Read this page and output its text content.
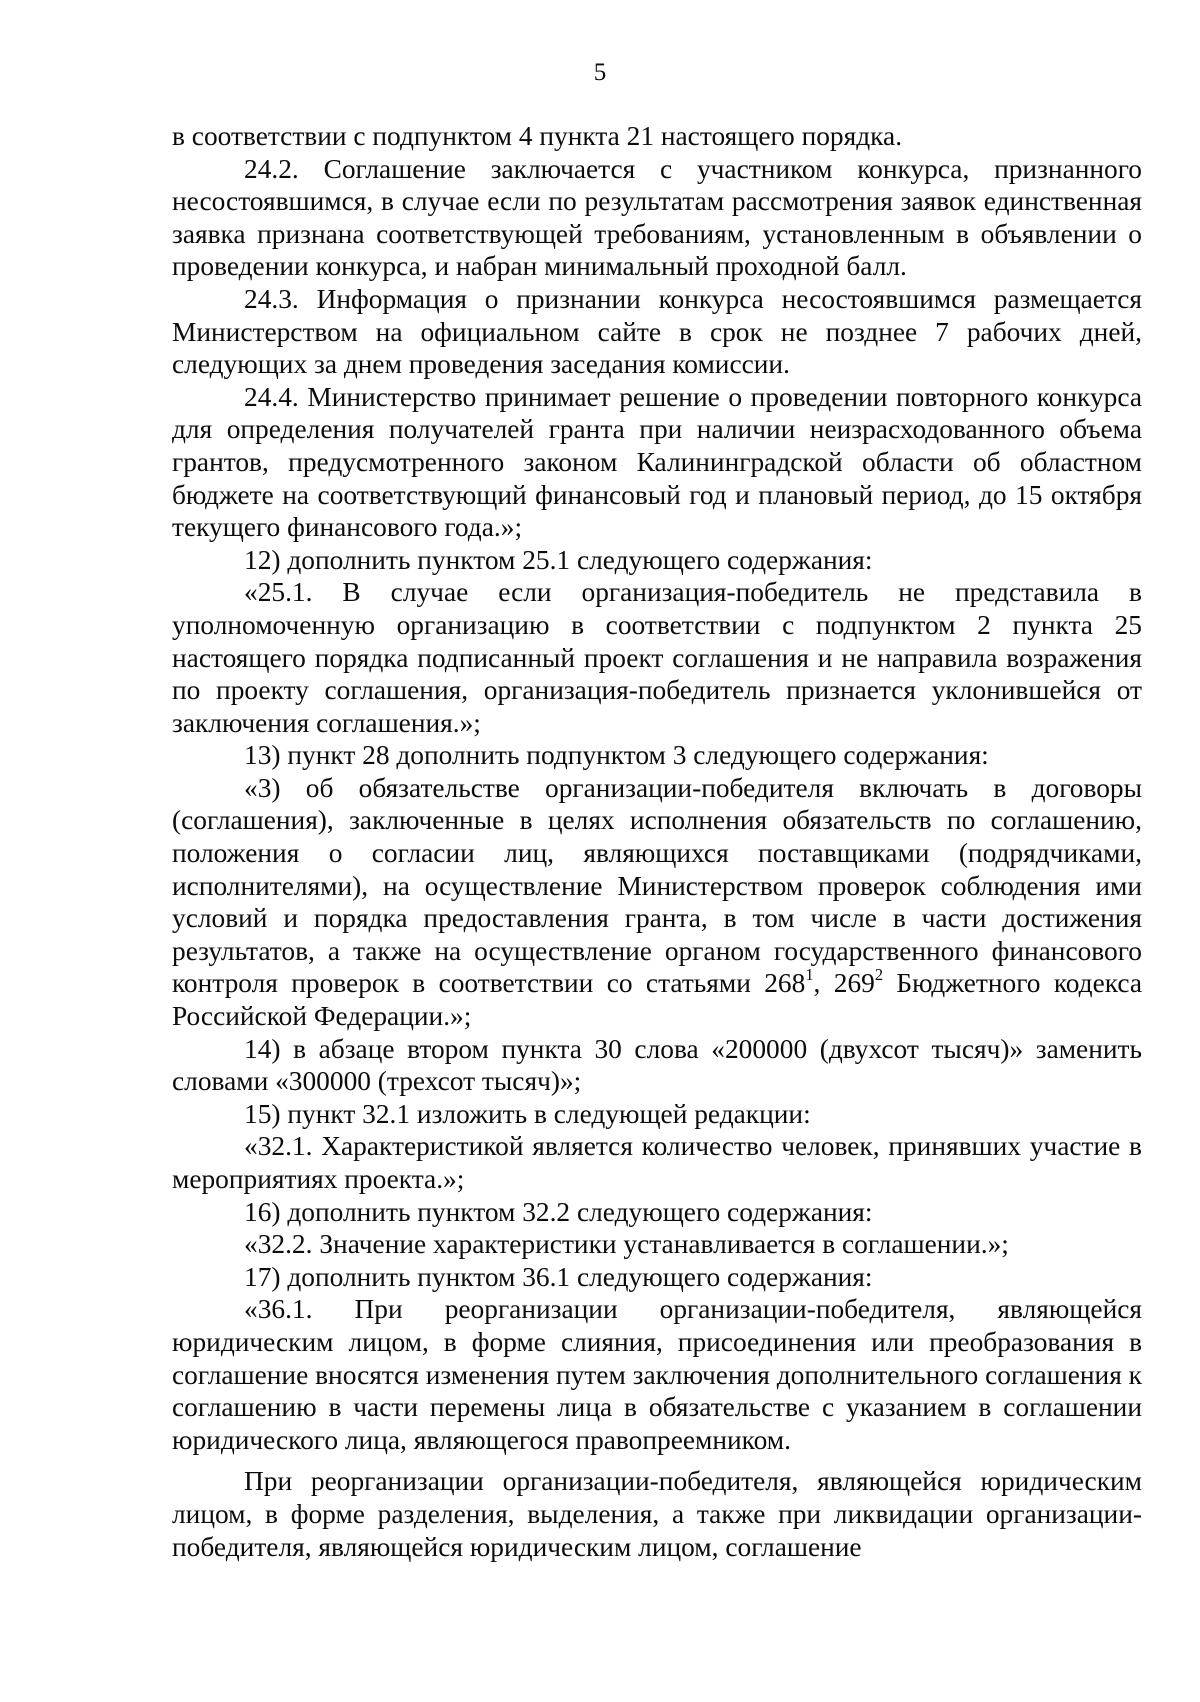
5

в соответствии с подпунктом 4 пункта 21 настоящего порядка.

24.2. Соглашение заключается с участником конкурса, признанного несостоявшимся, в случае если по результатам рассмотрения заявок единственная заявка признана соответствующей требованиям, установленным в объявлении о проведении конкурса, и набран минимальный проходной балл.

24.3. Информация о признании конкурса несостоявшимся размещается Министерством на официальном сайте в срок не позднее 7 рабочих дней, следующих за днем проведения заседания комиссии.

24.4. Министерство принимает решение о проведении повторного конкурса для определения получателей гранта при наличии неизрасходованного объема грантов, предусмотренного законом Калининградской области об областном бюджете на соответствующий финансовый год и плановый период, до 15 октября текущего финансового года.»;

12) дополнить пунктом 25.1 следующего содержания:

«25.1. В случае если организация-победитель не представила в уполномоченную организацию в соответствии с подпунктом 2 пункта 25 настоящего порядка подписанный проект соглашения и не направила возражения по проекту соглашения, организация-победитель признается уклонившейся от заключения соглашения.»;

13) пункт 28 дополнить подпунктом 3 следующего содержания:

«3) об обязательстве организации-победителя включать в договоры (соглашения), заключенные в целях исполнения обязательств по соглашению, положения о согласии лиц, являющихся поставщиками (подрядчиками, исполнителями), на осуществление Министерством проверок соблюдения ими условий и порядка предоставления гранта, в том числе в части достижения результатов, а также на осуществление органом государственного финансового контроля проверок в соответствии со статьями $268^1$, $269^2$ Бюджетного кодекса Российской Федерации.»;

14) в абзаце втором пункта 30 слова «200000 (двухсот тысяч)» заменить словами «300000 (трехсот тысяч)»;

15) пункт 32.1 изложить в следующей редакции:

«32.1. Характеристикой является количество человек, принявших участие в мероприятиях проекта.»;

16) дополнить пунктом 32.2 следующего содержания:

«32.2. Значение характеристики устанавливается в соглашении.»;

17) дополнить пунктом 36.1 следующего содержания:

«36.1. При реорганизации организации-победителя, являющейся юридическим лицом, в форме слияния, присоединения или преобразования в соглашение вносятся изменения путем заключения дополнительного соглашения к соглашению в части перемены лица в обязательстве с указанием в соглашении юридического лица, являющегося правопреемником.

При реорганизации организации-победителя, являющейся юридическим лицом, в форме разделения, выделения, а также при ликвидации организации-победителя, являющейся юридическим лицом, соглашение
